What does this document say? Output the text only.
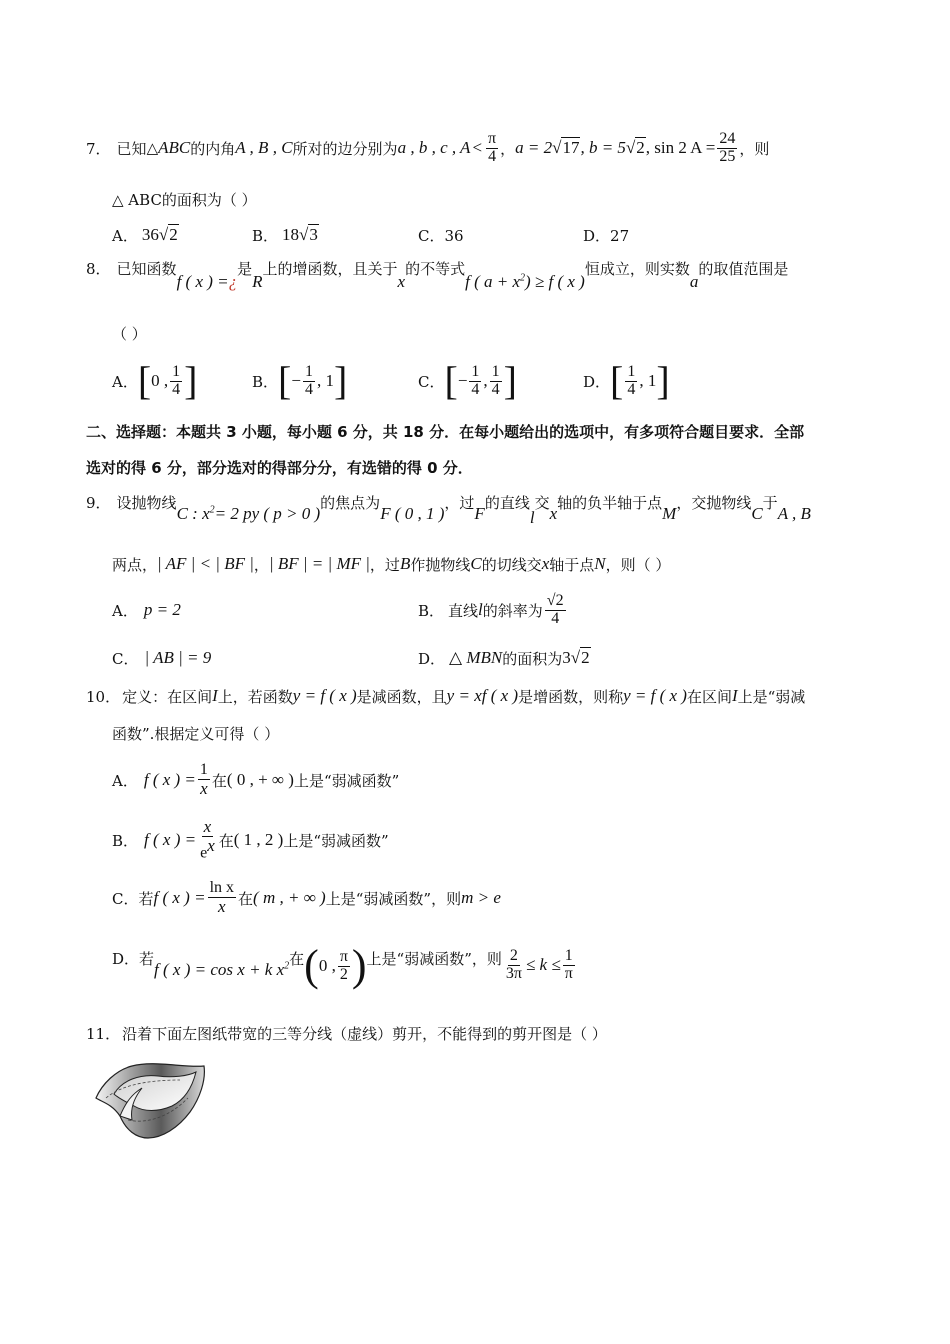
7． 已知 △ ABC 的内角 A , B , C 所对的边分别为 a , b , c , $A < \frac{\pi}{4}$ ， a = 2 √17 , b = 5 √2 , sin 2 $A = \frac{24}{25}$ ，则
△ ABC的面积为（ ）
A． 36 √2	B． 18 √3	C．36	D．27
8． 已知函数
f ( x ) = ¿
是
R
上的增函数，且关于
x
的不等式
f ( $a + x^2) \ge f$ ( x )
恒成立，则实数
a
的取值范围是
（ ）
A． [ 0 , $\frac{1}{4}$ ]	B． [ − $\frac{1}{4}$ , 1 ]	C． [ − $\frac{1}{4}$ , $\frac{1}{4}$ ]	D． [ $\frac{1}{4}$ , 1 ]
二、选择题：本题共 3 小题，每小题 6 分，共 18 分．在每小题给出的选项中，有多项符合题目要求．全部
选对的得 6 分，部分选对的得部分分，有选错的得 0 分．
9． 设抛物线
C : $x^2= 2$ py ( p > 0 )
的焦点为
F ( 0 , 1 )
，过
F
的直线
l
交
x
轴的负半轴于点
M
，交抛物线
C
于
A , B
两点， | AF | < | BF | ， | BF | = | MF | ，过 B 作抛物线 C 的切线交 x 轴于点 N ，则（ ）
A． p = 2	B． 直线 l 的斜率为 $\frac{√2}{4}$
C． | AB | = 9	D． △ MBN 的面积为 3 √2
10． 定义：在区间 I 上，若函数 y = f ( x ) 是减函数，且 y = xf ( x ) 是增函数，则称 y = f ( x ) 在区间 I 上是“弱减
函数”.根据定义可得（ ）
A． f ( x ) = $\frac{1}{x}$ 在 ( 0 , + ∞ ) 上是“弱减函数”
B． f ( x ) = $\frac{x}{e^x}$ 在 ( 1 , 2 ) 上是“弱减函数”
C． 若 f ( x ) = $\frac{\text{ln x}}{x}$ 在 ( m , + ∞ ) 上是“弱减函数”，则 m > e
D． 若
f ( x ) = cos x + k $x^2$ 在 ( 0 , $\frac{\pi}{2}$ ) 上是“弱减函数”，则 $\frac{2}{3\pi} \le k \le \frac{1}{\pi}$
11． 沿着下面左图纸带宽的三等分线（虚线）剪开，不能得到的剪开图是（ ）
